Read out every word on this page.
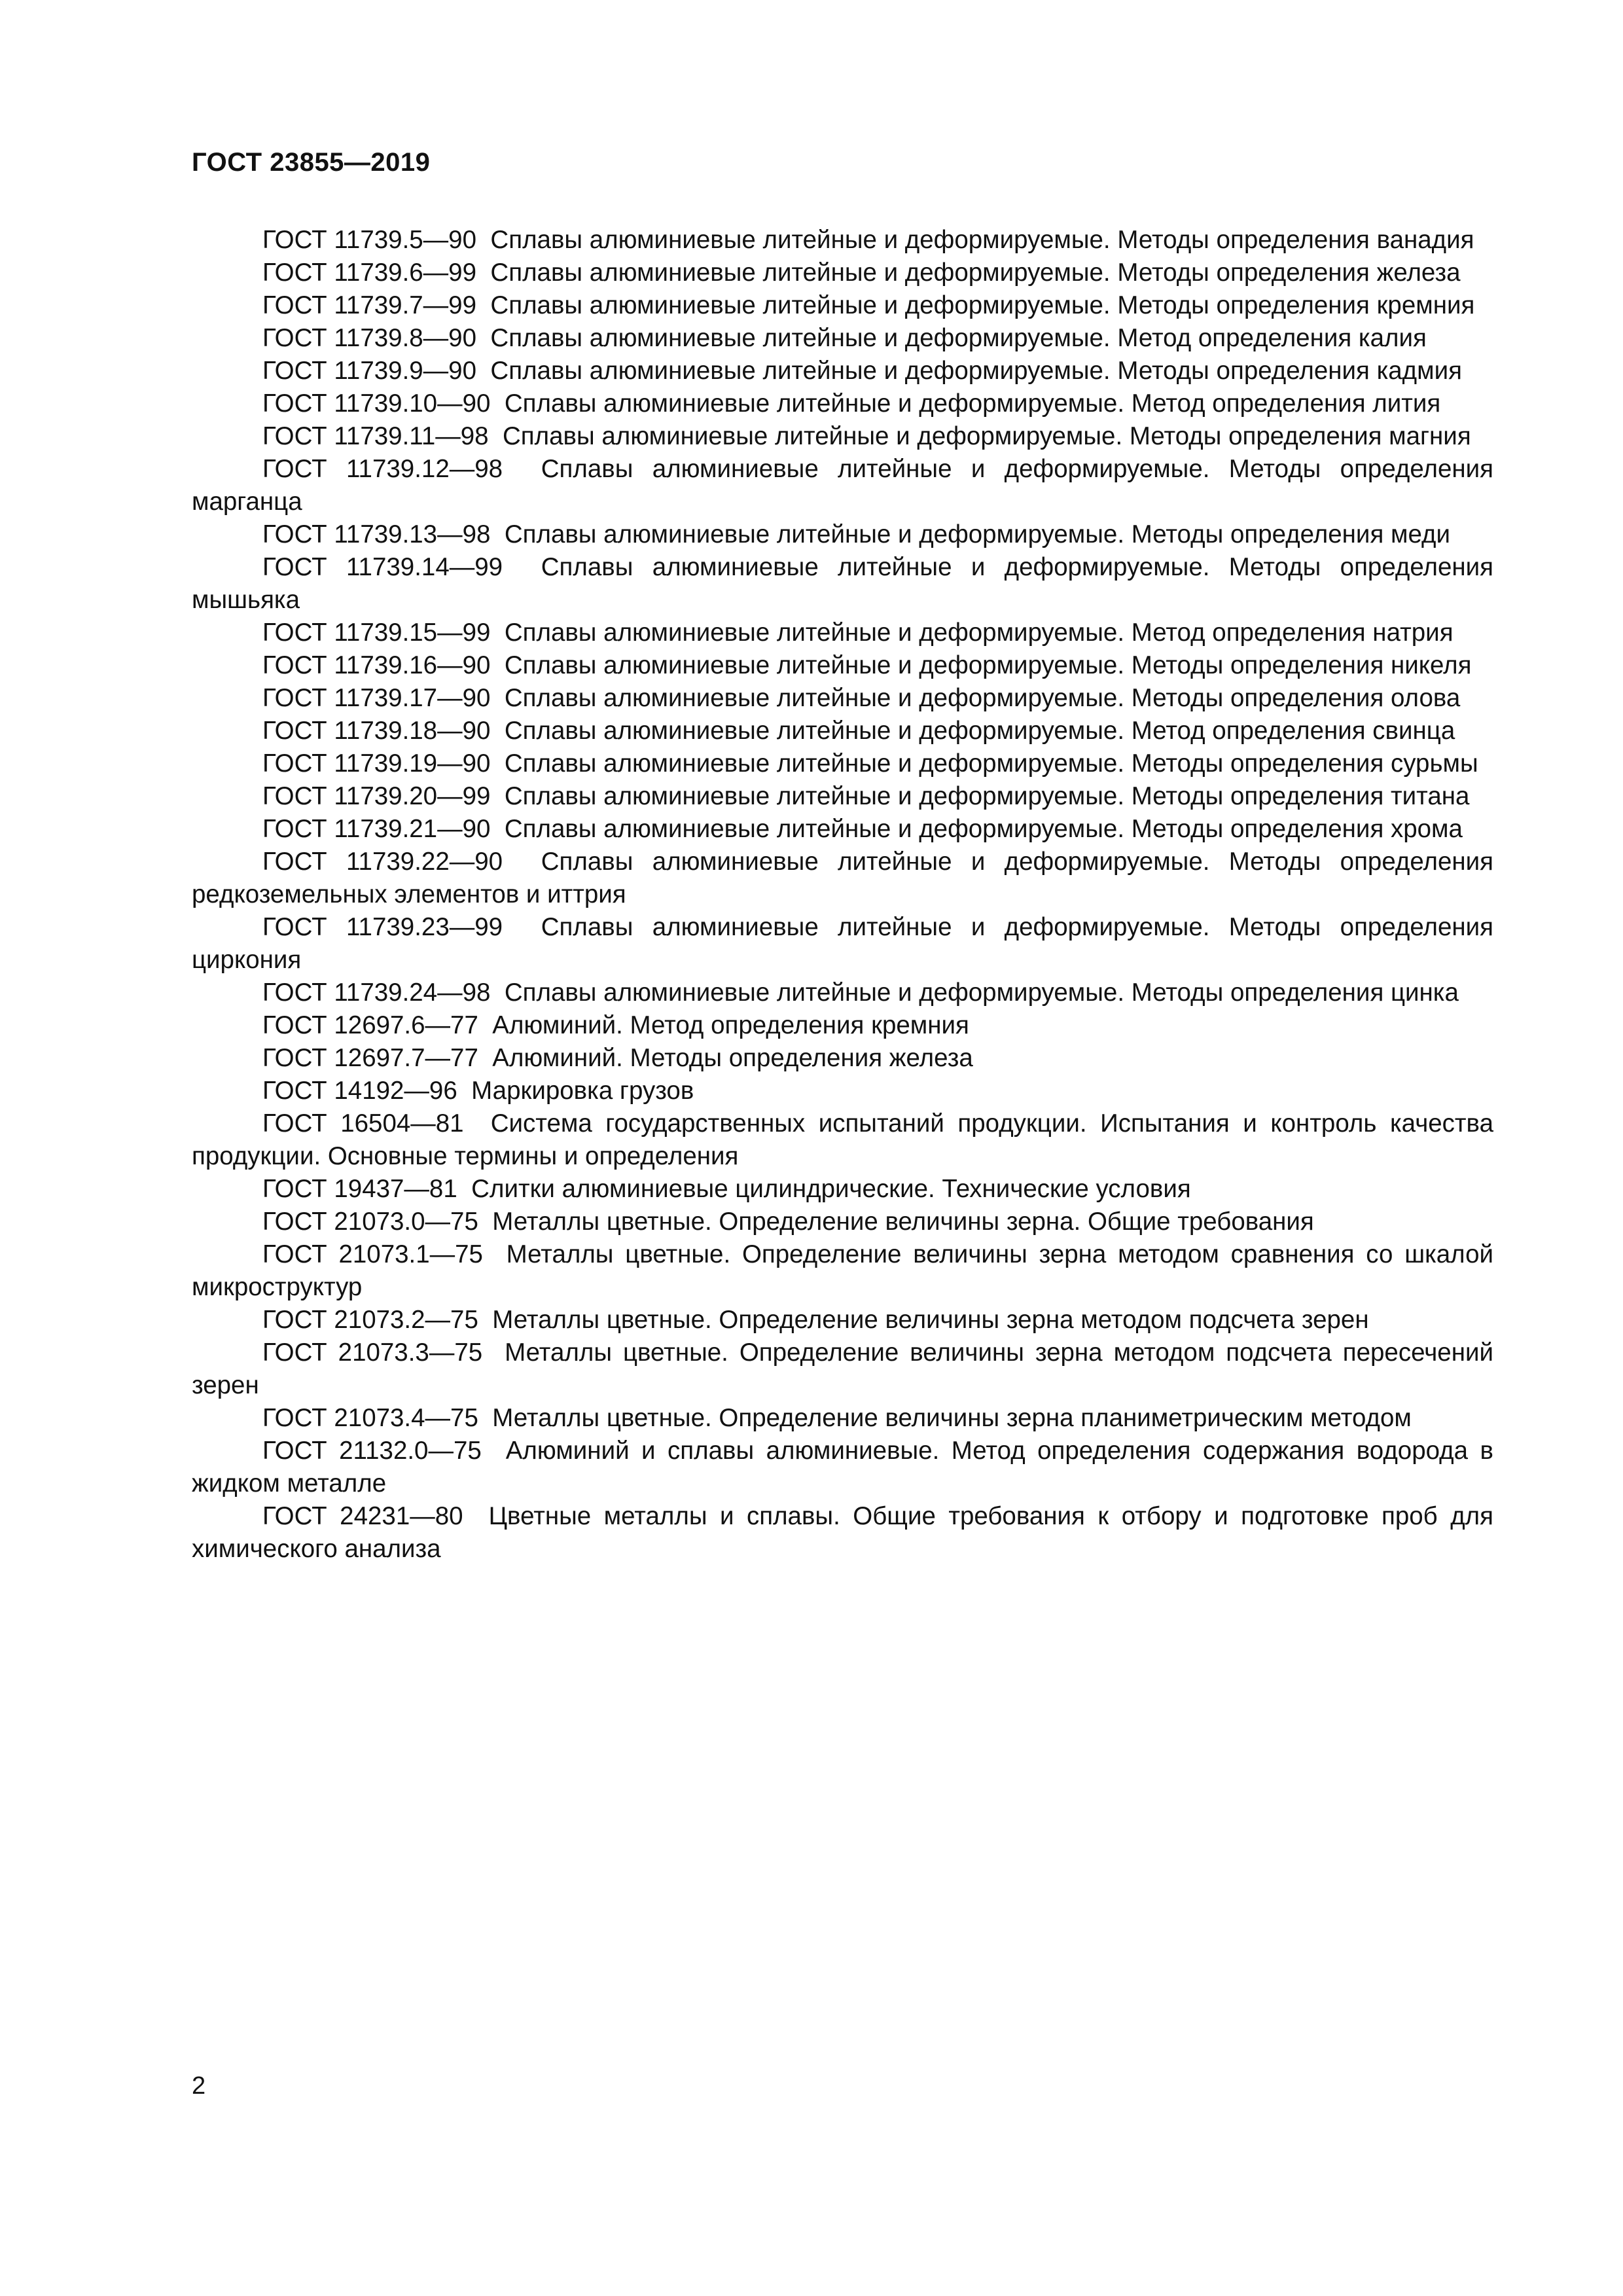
ГОСТ 23855—2019
ГОСТ 11739.5—90 Сплавы алюминиевые литейные и деформируемые. Методы определения ванадия
ГОСТ 11739.6—99 Сплавы алюминиевые литейные и деформируемые. Методы определения железа
ГОСТ 11739.7—99 Сплавы алюминиевые литейные и деформируемые. Методы определения кремния
ГОСТ 11739.8—90 Сплавы алюминиевые литейные и деформируемые. Метод определения калия
ГОСТ 11739.9—90 Сплавы алюминиевые литейные и деформируемые. Методы определения кадмия
ГОСТ 11739.10—90 Сплавы алюминиевые литейные и деформируемые. Метод определения лития
ГОСТ 11739.11—98 Сплавы алюминиевые литейные и деформируемые. Методы определения магния
ГОСТ 11739.12—98 Сплавы алюминиевые литейные и деформируемые. Методы определения марганца
ГОСТ 11739.13—98 Сплавы алюминиевые литейные и деформируемые. Методы определения меди
ГОСТ 11739.14—99 Сплавы алюминиевые литейные и деформируемые. Методы определения мышьяка
ГОСТ 11739.15—99 Сплавы алюминиевые литейные и деформируемые. Метод определения натрия
ГОСТ 11739.16—90 Сплавы алюминиевые литейные и деформируемые. Методы определения никеля
ГОСТ 11739.17—90 Сплавы алюминиевые литейные и деформируемые. Методы определения олова
ГОСТ 11739.18—90 Сплавы алюминиевые литейные и деформируемые. Метод определения свинца
ГОСТ 11739.19—90 Сплавы алюминиевые литейные и деформируемые. Методы определения сурьмы
ГОСТ 11739.20—99 Сплавы алюминиевые литейные и деформируемые. Методы определения титана
ГОСТ 11739.21—90 Сплавы алюминиевые литейные и деформируемые. Методы определения хрома
ГОСТ 11739.22—90 Сплавы алюминиевые литейные и деформируемые. Методы определения редкоземельных элементов и иттрия
ГОСТ 11739.23—99 Сплавы алюминиевые литейные и деформируемые. Методы определения циркония
ГОСТ 11739.24—98 Сплавы алюминиевые литейные и деформируемые. Методы определения цинка
ГОСТ 12697.6—77 Алюминий. Метод определения кремния
ГОСТ 12697.7—77 Алюминий. Методы определения железа
ГОСТ 14192—96 Маркировка грузов
ГОСТ 16504—81 Система государственных испытаний продукции. Испытания и контроль качества продукции. Основные термины и определения
ГОСТ 19437—81 Слитки алюминиевые цилиндрические. Технические условия
ГОСТ 21073.0—75 Металлы цветные. Определение величины зерна. Общие требования
ГОСТ 21073.1—75 Металлы цветные. Определение величины зерна методом сравнения со шкалой микроструктур
ГОСТ 21073.2—75 Металлы цветные. Определение величины зерна методом подсчета зерен
ГОСТ 21073.3—75 Металлы цветные. Определение величины зерна методом подсчета пересечений зерен
ГОСТ 21073.4—75 Металлы цветные. Определение величины зерна планиметрическим методом
ГОСТ 21132.0—75 Алюминий и сплавы алюминиевые. Метод определения содержания водорода в жидком металле
ГОСТ 24231—80 Цветные металлы и сплавы. Общие требования к отбору и подготовке проб для химического анализа
2
